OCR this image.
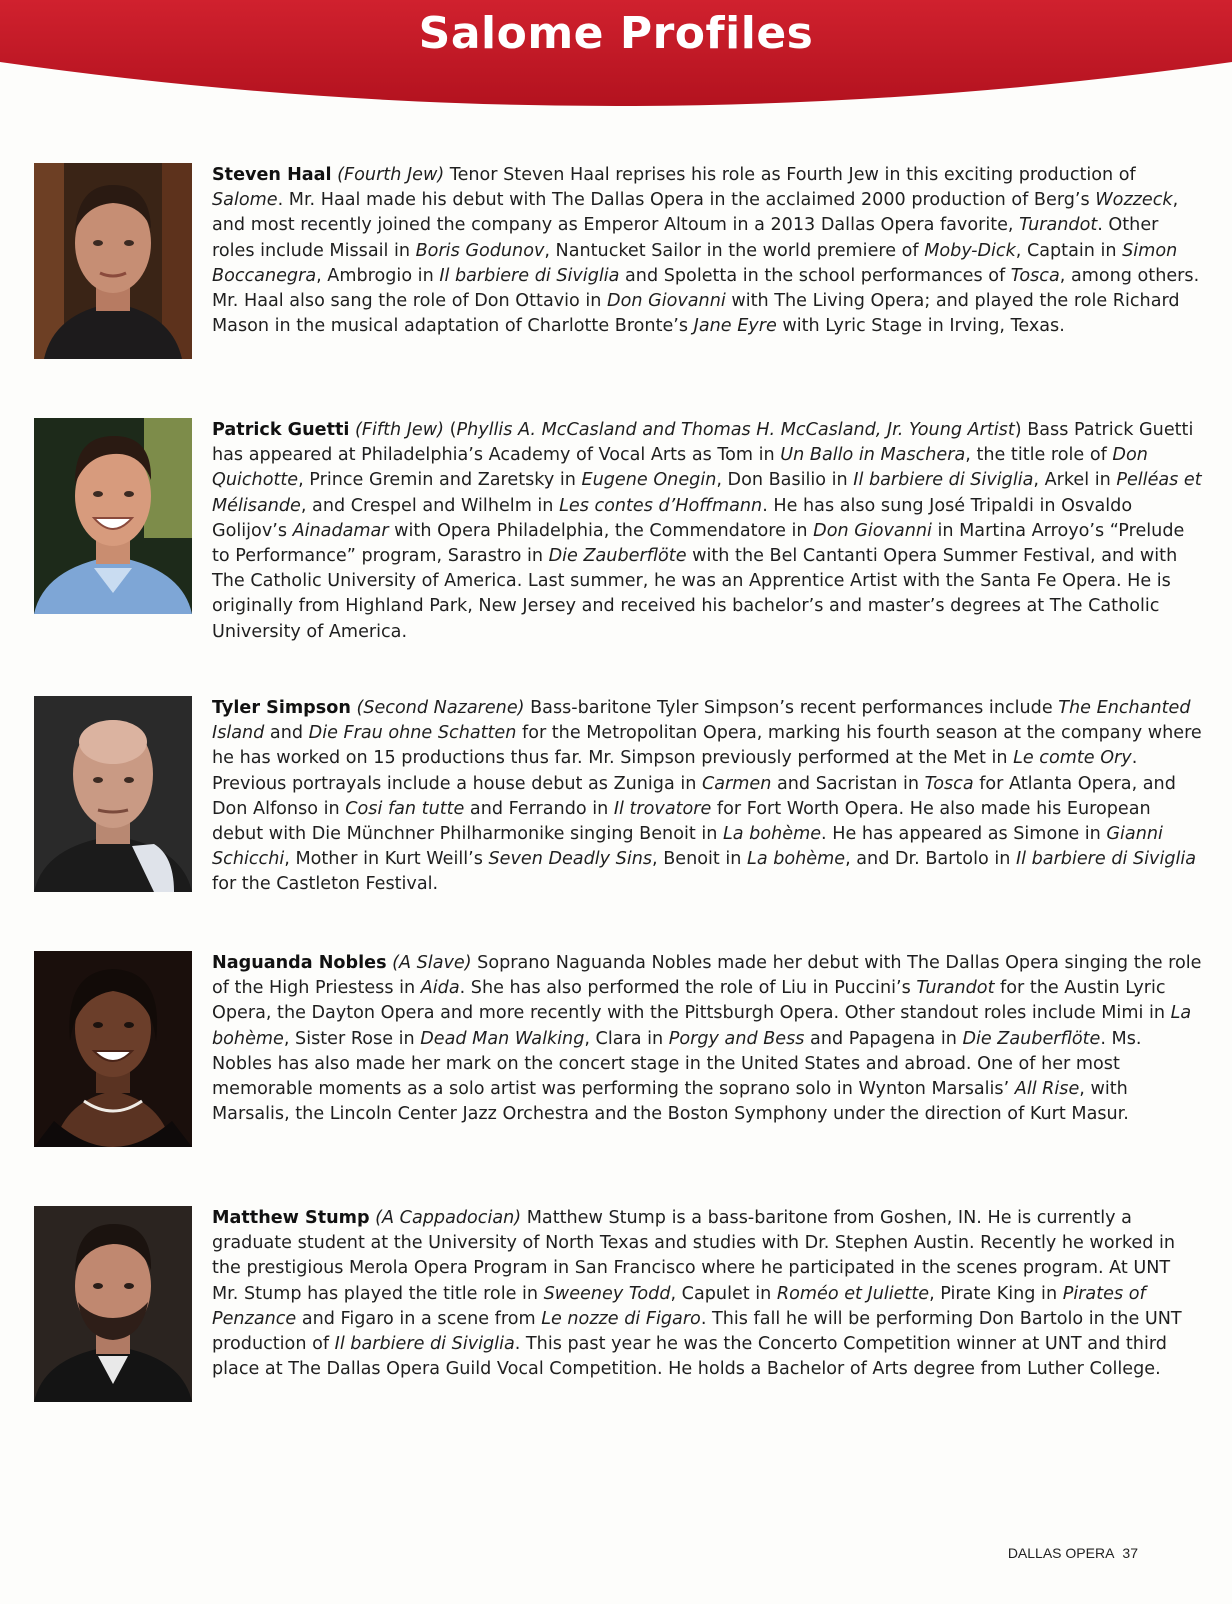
Salome Profiles

Steven Haal (Fourth Jew) Tenor Steven Haal reprises his role as Fourth Jew in this exciting production of Salome. Mr. Haal made his debut with The Dallas Opera in the acclaimed 2000 production of Berg’s Wozzeck, and most recently joined the company as Emperor Altoum in a 2013 Dallas Opera favorite, Turandot. Other roles include Missail in Boris Godunov, Nantucket Sailor in the world premiere of Moby-Dick, Captain in Simon Boccanegra, Ambrogio in Il barbiere di Siviglia and Spoletta in the school performances of Tosca, among others. Mr. Haal also sang the role of Don Ottavio in Don Giovanni with The Living Opera; and played the role Richard Mason in the musical adaptation of Charlotte Bronte’s Jane Eyre with Lyric Stage in Irving, Texas.

Patrick Guetti (Fifth Jew) (Phyllis A. McCasland and Thomas H. McCasland, Jr. Young Artist) Bass Patrick Guetti has appeared at Philadelphia’s Academy of Vocal Arts as Tom in Un Ballo in Maschera, the title role of Don Quichotte, Prince Gremin and Zaretsky in Eugene Onegin, Don Basilio in Il barbiere di Siviglia, Arkel in Pelléas et Mélisande, and Crespel and Wilhelm in Les contes d’Hoffmann. He has also sung José Tripaldi in Osvaldo Golijov’s Ainadamar with Opera Philadelphia, the Commendatore in Don Giovanni in Martina Arroyo’s “Prelude to Performance” program, Sarastro in Die Zauberflöte with the Bel Cantanti Opera Summer Festival, and with The Catholic University of America. Last summer, he was an Apprentice Artist with the Santa Fe Opera. He is originally from Highland Park, New Jersey and received his bachelor’s and master’s degrees at The Catholic University of America.

Tyler Simpson (Second Nazarene) Bass-baritone Tyler Simpson’s recent performances include The Enchanted Island and Die Frau ohne Schatten for the Metropolitan Opera, marking his fourth season at the company where he has worked on 15 productions thus far. Mr. Simpson previously performed at the Met in Le comte Ory. Previous portrayals include a house debut as Zuniga in Carmen and Sacristan in Tosca for Atlanta Opera, and Don Alfonso in Cosi fan tutte and Ferrando in Il trovatore for Fort Worth Opera. He also made his European debut with Die Münchner Philharmonike singing Benoit in La bohème. He has appeared as Simone in Gianni Schicchi, Mother in Kurt Weill’s Seven Deadly Sins, Benoit in La bohème, and Dr. Bartolo in Il barbiere di Siviglia for the Castleton Festival.

Naguanda Nobles (A Slave) Soprano Naguanda Nobles made her debut with The Dallas Opera singing the role of the High Priestess in Aida. She has also performed the role of Liu in Puccini’s Turandot for the Austin Lyric Opera, the Dayton Opera and more recently with the Pittsburgh Opera. Other standout roles include Mimi in La bohème, Sister Rose in Dead Man Walking, Clara in Porgy and Bess and Papagena in Die Zauberflöte. Ms. Nobles has also made her mark on the concert stage in the United States and abroad. One of her most memorable moments as a solo artist was performing the soprano solo in Wynton Marsalis’ All Rise, with Marsalis, the Lincoln Center Jazz Orchestra and the Boston Symphony under the direction of Kurt Masur.

Matthew Stump (A Cappadocian) Matthew Stump is a bass-baritone from Goshen, IN. He is currently a graduate student at the University of North Texas and studies with Dr. Stephen Austin. Recently he worked in the prestigious Merola Opera Program in San Francisco where he participated in the scenes program. At UNT Mr. Stump has played the title role in Sweeney Todd, Capulet in Roméo et Juliette, Pirate King in Pirates of Penzance and Figaro in a scene from Le nozze di Figaro. This fall he will be performing Don Bartolo in the UNT production of Il barbiere di Siviglia. This past year he was the Concerto Competition winner at UNT and third place at The Dallas Opera Guild Vocal Competition. He holds a Bachelor of Arts degree from Luther College.

DALLAS OPERA 37
